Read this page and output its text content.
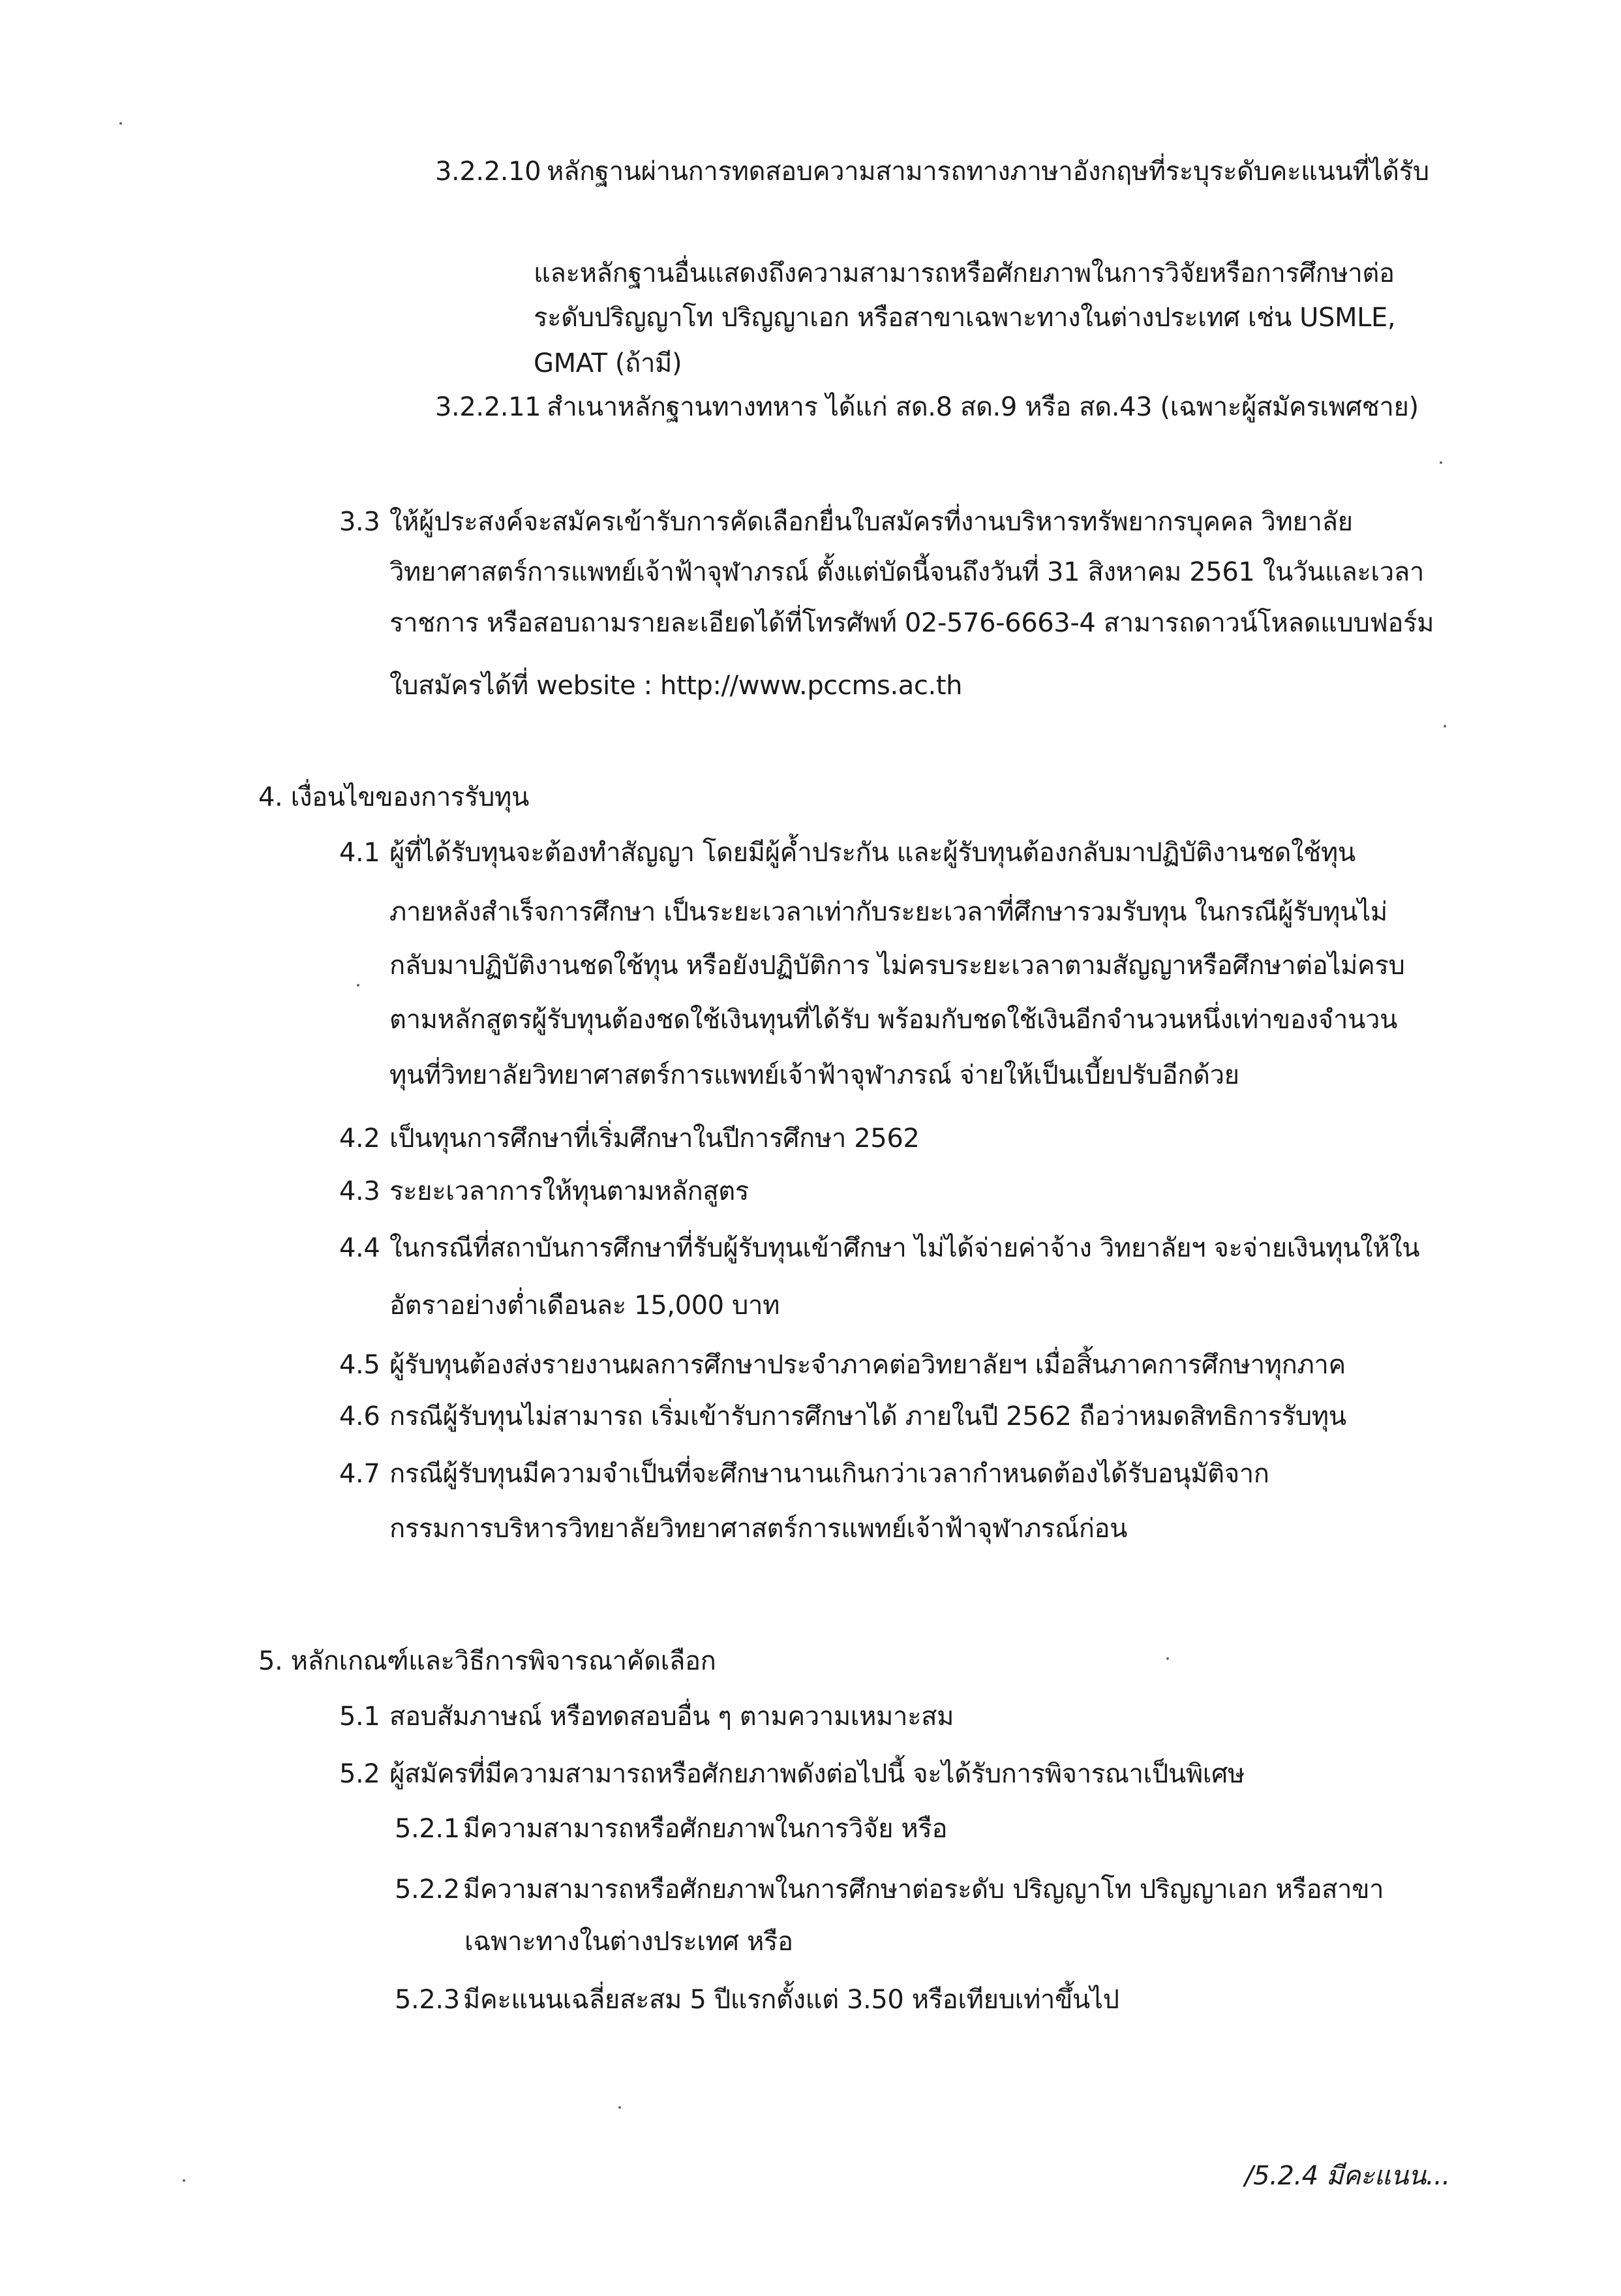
3.2.2.10 หลักฐานผ่านการทดสอบความสามารถทางภาษาอังกฤษที่ระบุระดับคะแนนที่ได้รับ
และหลักฐานอื่นแสดงถึงความสามารถหรือศักยภาพในการวิจัยหรือการศึกษาต่อ
ระดับปริญญาโท ปริญญาเอก หรือสาขาเฉพาะทางในต่างประเทศ เช่น USMLE,
GMAT (ถ้ามี)
3.2.2.11 สำเนาหลักฐานทางทหาร ได้แก่ สด.8 สด.9 หรือ สด.43 (เฉพาะผู้สมัครเพศชาย)
3.3 ให้ผู้ประสงค์จะสมัครเข้ารับการคัดเลือกยื่นใบสมัครที่งานบริหารทรัพยากรบุคคล วิทยาลัย
วิทยาศาสตร์การแพทย์เจ้าฟ้าจุฬาภรณ์ ตั้งแต่บัดนี้จนถึงวันที่ 31 สิงหาคม 2561 ในวันและเวลา
ราชการ หรือสอบถามรายละเอียดได้ที่โทรศัพท์ 02-576-6663-4 สามารถดาวน์โหลดแบบฟอร์ม
ใบสมัครได้ที่ website : http://www.pccms.ac.th
4. เงื่อนไขของการรับทุน
4.1 ผู้ที่ได้รับทุนจะต้องทำสัญญา โดยมีผู้ค้ำประกัน และผู้รับทุนต้องกลับมาปฏิบัติงานชดใช้ทุน
ภายหลังสำเร็จการศึกษา เป็นระยะเวลาเท่ากับระยะเวลาที่ศึกษารวมรับทุน ในกรณีผู้รับทุนไม่
กลับมาปฏิบัติงานชดใช้ทุน หรือยังปฏิบัติการ ไม่ครบระยะเวลาตามสัญญาหรือศึกษาต่อไม่ครบ
ตามหลักสูตรผู้รับทุนต้องชดใช้เงินทุนที่ได้รับ พร้อมกับชดใช้เงินอีกจำนวนหนึ่งเท่าของจำนวน
ทุนที่วิทยาลัยวิทยาศาสตร์การแพทย์เจ้าฟ้าจุฬาภรณ์ จ่ายให้เป็นเบี้ยปรับอีกด้วย
4.2 เป็นทุนการศึกษาที่เริ่มศึกษาในปีการศึกษา 2562
4.3 ระยะเวลาการให้ทุนตามหลักสูตร
4.4 ในกรณีที่สถาบันการศึกษาที่รับผู้รับทุนเข้าศึกษา ไม่ได้จ่ายค่าจ้าง วิทยาลัยฯ จะจ่ายเงินทุนให้ใน
อัตราอย่างต่ำเดือนละ 15,000 บาท
4.5 ผู้รับทุนต้องส่งรายงานผลการศึกษาประจำภาคต่อวิทยาลัยฯ เมื่อสิ้นภาคการศึกษาทุกภาค
4.6 กรณีผู้รับทุนไม่สามารถ เริ่มเข้ารับการศึกษาได้ ภายในปี 2562 ถือว่าหมดสิทธิการรับทุน
4.7 กรณีผู้รับทุนมีความจำเป็นที่จะศึกษานานเกินกว่าเวลากำหนดต้องได้รับอนุมัติจาก
กรรมการบริหารวิทยาลัยวิทยาศาสตร์การแพทย์เจ้าฟ้าจุฬาภรณ์ก่อน
5. หลักเกณฑ์และวิธีการพิจารณาคัดเลือก
5.1 สอบสัมภาษณ์ หรือทดสอบอื่น ๆ ตามความเหมาะสม
5.2 ผู้สมัครที่มีความสามารถหรือศักยภาพดังต่อไปนี้ จะได้รับการพิจารณาเป็นพิเศษ
5.2.1 มีความสามารถหรือศักยภาพในการวิจัย หรือ
5.2.2 มีความสามารถหรือศักยภาพในการศึกษาต่อระดับ ปริญญาโท ปริญญาเอก หรือสาขา
เฉพาะทางในต่างประเทศ หรือ
5.2.3 มีคะแนนเฉลี่ยสะสม 5 ปีแรกตั้งแต่ 3.50 หรือเทียบเท่าขึ้นไป
/5.2.4 มีคะแนน...
